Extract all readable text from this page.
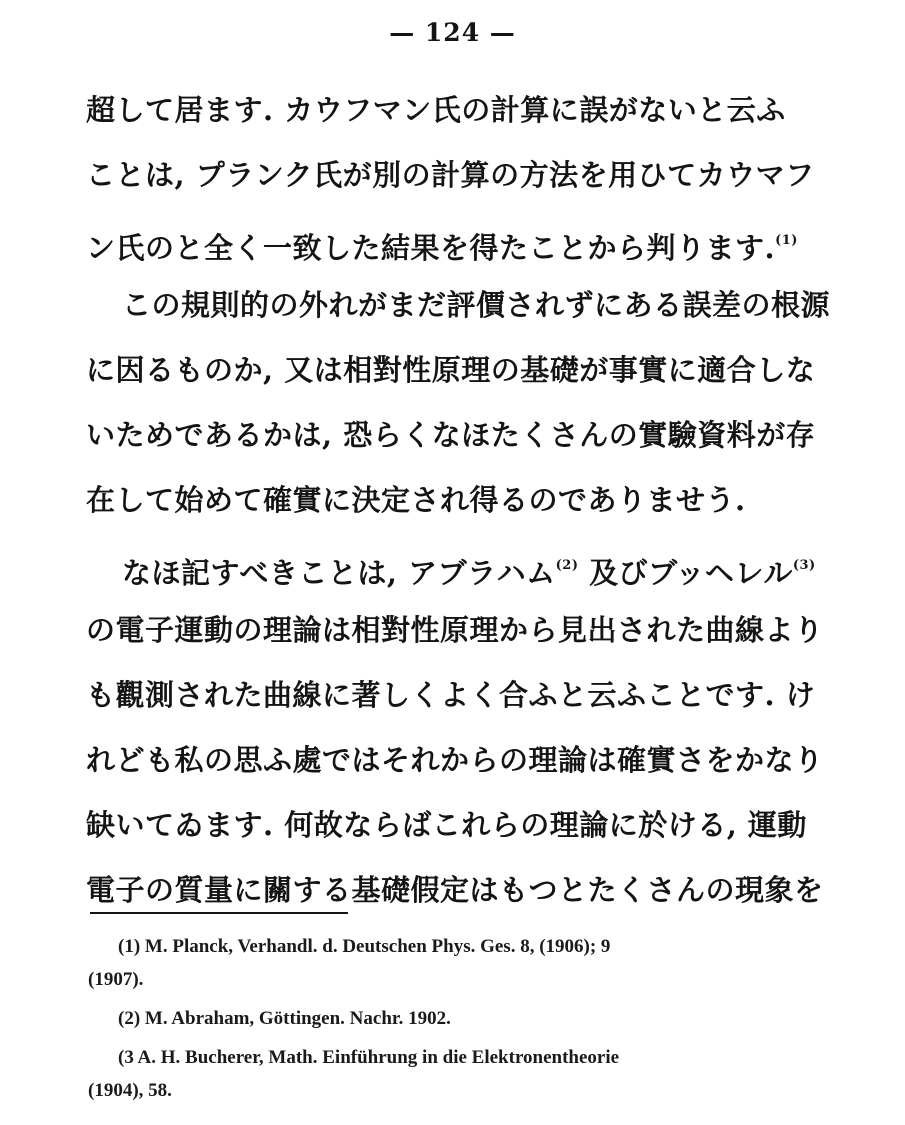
— 124 —
超して居ます. カウフマン氏の計算に誤がないと云ふ
ことは, プランク氏が別の計算の方法を用ひてカウマフ
ン氏のと全く一致した結果を得たことから判ります.$^{(1)}$
この規則的の外れがまだ評價されずにある誤差の根源
に因るものか, 又は相對性原理の基礎が事實に適合しな
いためであるかは, 恐らくなほたくさんの實驗資料が存
在して始めて確實に決定され得るのでありませう.
なほ記すべきことは, アブラハム$^{(2)}$ 及びブッヘレル$^{(3)}$
の電子運動の理論は相對性原理から見出された曲線より
も觀測された曲線に著しくよく合ふと云ふことです. け
れども私の思ふ處ではそれからの理論は確實さをかなり
缺いてゐます. 何故ならばこれらの理論に於ける, 運動
電子の質量に關する基礎假定はもつとたくさんの現象を
(1) M. Planck, Verhandl. d. Deutschen Phys. Ges. 8, (1906); 9
(1907).
(2) M. Abraham, Göttingen. Nachr. 1902.
(3 A. H. Bucherer, Math. Einführung in die Elektronentheorie
(1904), 58.
